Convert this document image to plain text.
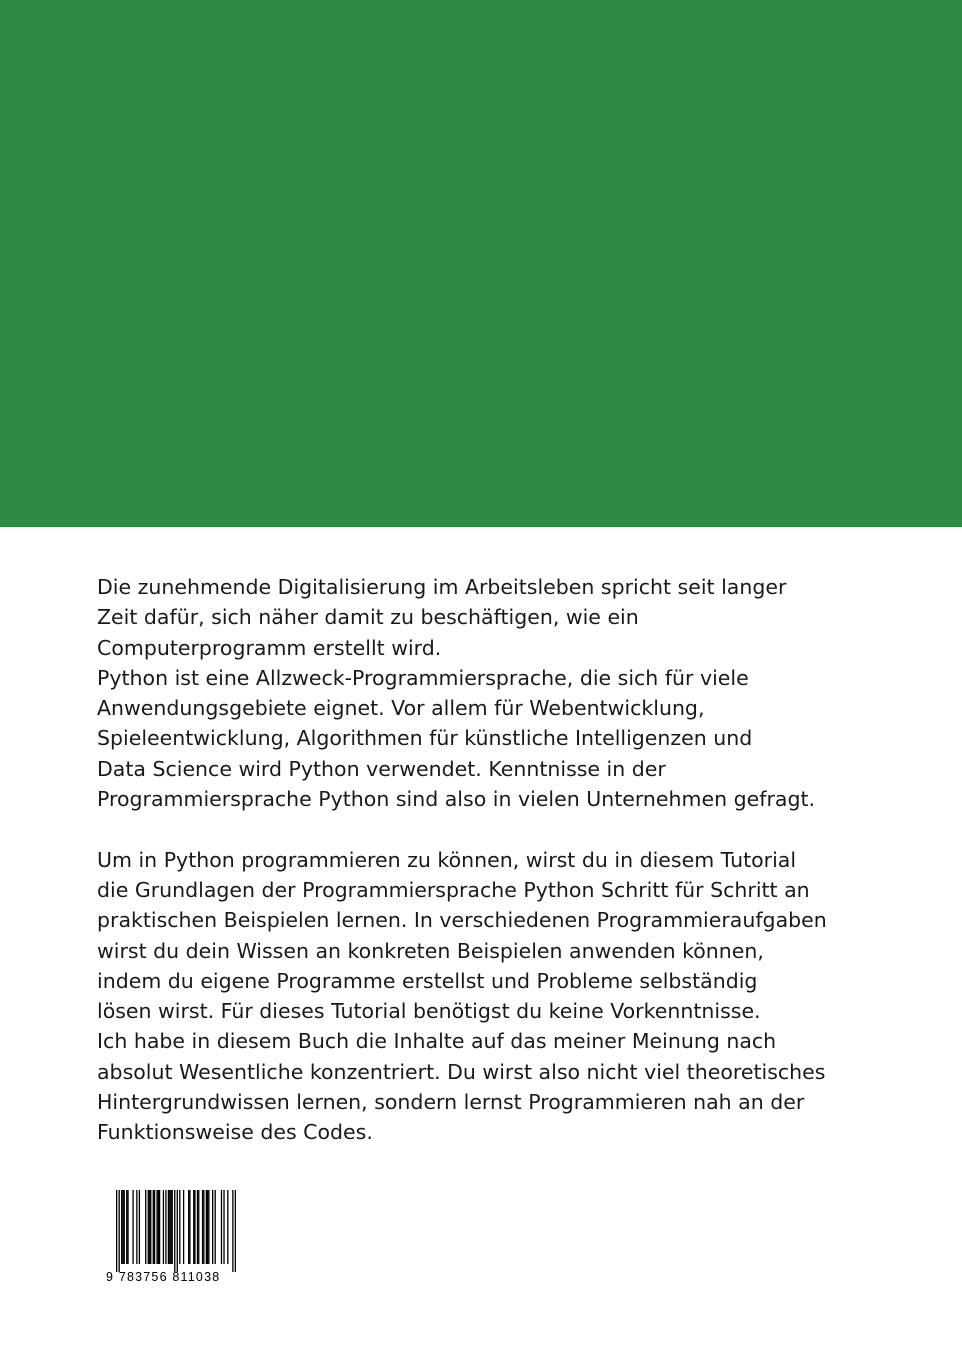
Die zunehmende Digitalisierung im Arbeitsleben spricht seit langer

Zeit dafür, sich näher damit zu beschäftigen, wie ein

Computerprogramm erstellt wird.

Python ist eine Allzweck-Programmiersprache, die sich für viele

Anwendungsgebiete eignet. Vor allem für Webentwicklung,

Spieleentwicklung, Algorithmen für künstliche Intelligenzen und

Data Science wird Python verwendet. Kenntnisse in der

Programmiersprache Python sind also in vielen Unternehmen gefragt.

Um in Python programmieren zu können, wirst du in diesem Tutorial

die Grundlagen der Programmiersprache Python Schritt für Schritt an

praktischen Beispielen lernen. In verschiedenen Programmieraufgaben

wirst du dein Wissen an konkreten Beispielen anwenden können,

indem du eigene Programme erstellst und Probleme selbständig

lösen wirst. Für dieses Tutorial benötigst du keine Vorkenntnisse.

Ich habe in diesem Buch die Inhalte auf das meiner Meinung nach

absolut Wesentliche konzentriert. Du wirst also nicht viel theoretisches

Hintergrundwissen lernen, sondern lernst Programmieren nah an der

Funktionsweise des Codes.

9 783756 811038
